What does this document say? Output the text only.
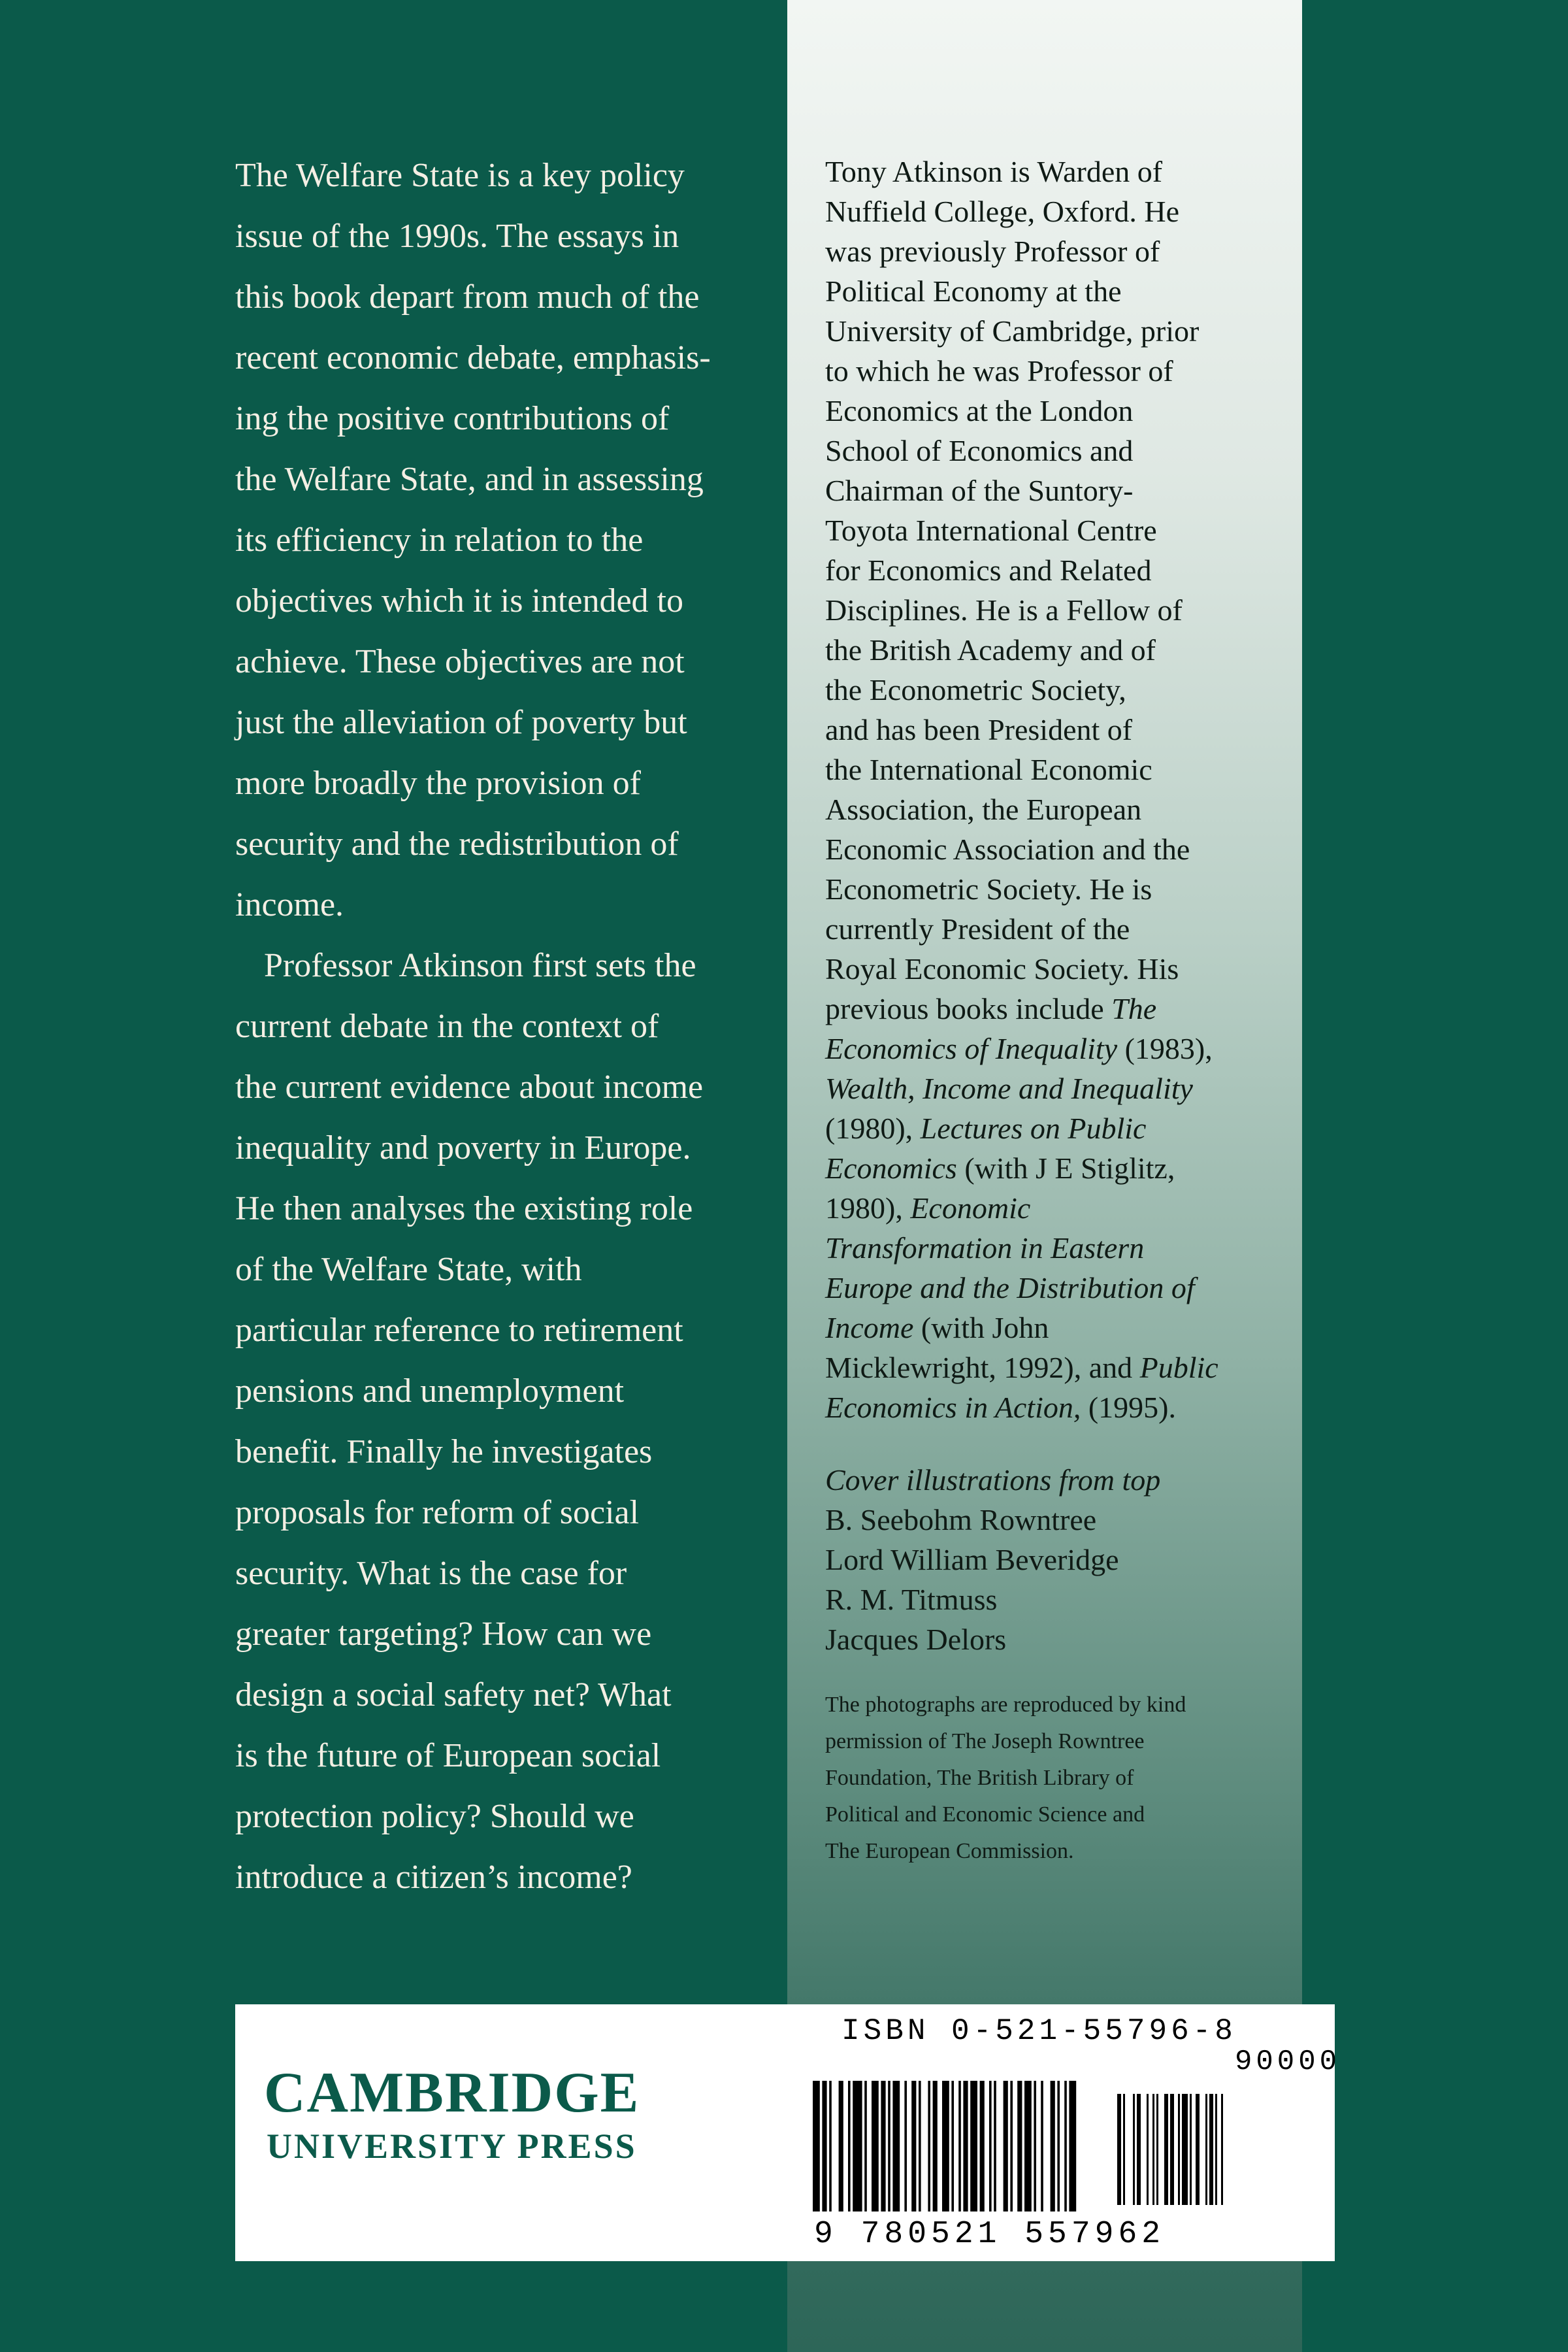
The Welfare State is a key policy
issue of the 1990s. The essays in
this book depart from much of the
recent economic debate, emphasis-
ing the positive contributions of
the Welfare State, and in assessing
its efficiency in relation to the
objectives which it is intended to
achieve. These objectives are not
just the alleviation of poverty but
more broadly the provision of
security and the redistribution of
income.

Professor Atkinson first sets the
current debate in the context of
the current evidence about income
inequality and poverty in Europe.
He then analyses the existing role
of the Welfare State, with
particular reference to retirement
pensions and unemployment
benefit. Finally he investigates
proposals for reform of social
security. What is the case for
greater targeting? How can we
design a social safety net? What
is the future of European social
protection policy? Should we
introduce a citizen’s income?

Tony Atkinson is Warden of
Nuffield College, Oxford. He
was previously Professor of
Political Economy at the
University of Cambridge, prior
to which he was Professor of
Economics at the London
School of Economics and
Chairman of the Suntory-
Toyota International Centre
for Economics and Related
Disciplines. He is a Fellow of
the British Academy and of
the Econometric Society,
and has been President of
the International Economic
Association, the European
Economic Association and the
Econometric Society. He is
currently President of the
Royal Economic Society. His
previous books include The
Economics of Inequality (1983),
Wealth, Income and Inequality
(1980), Lectures on Public
Economics (with J E Stiglitz,
1980), Economic
Transformation in Eastern
Europe and the Distribution of
Income (with John
Micklewright, 1992), and Public
Economics in Action, (1995).
Cover illustrations from top
B. Seebohm Rowntree
Lord William Beveridge
R. M. Titmuss
Jacques Delors
The photographs are reproduced by kind
permission of The Joseph Rowntree
Foundation, The British Library of
Political and Economic Science and
The European Commission.
CAMBRIDGE
UNIVERSITY PRESS
ISBN 0-521-55796-8
90000
9 780521 557962
